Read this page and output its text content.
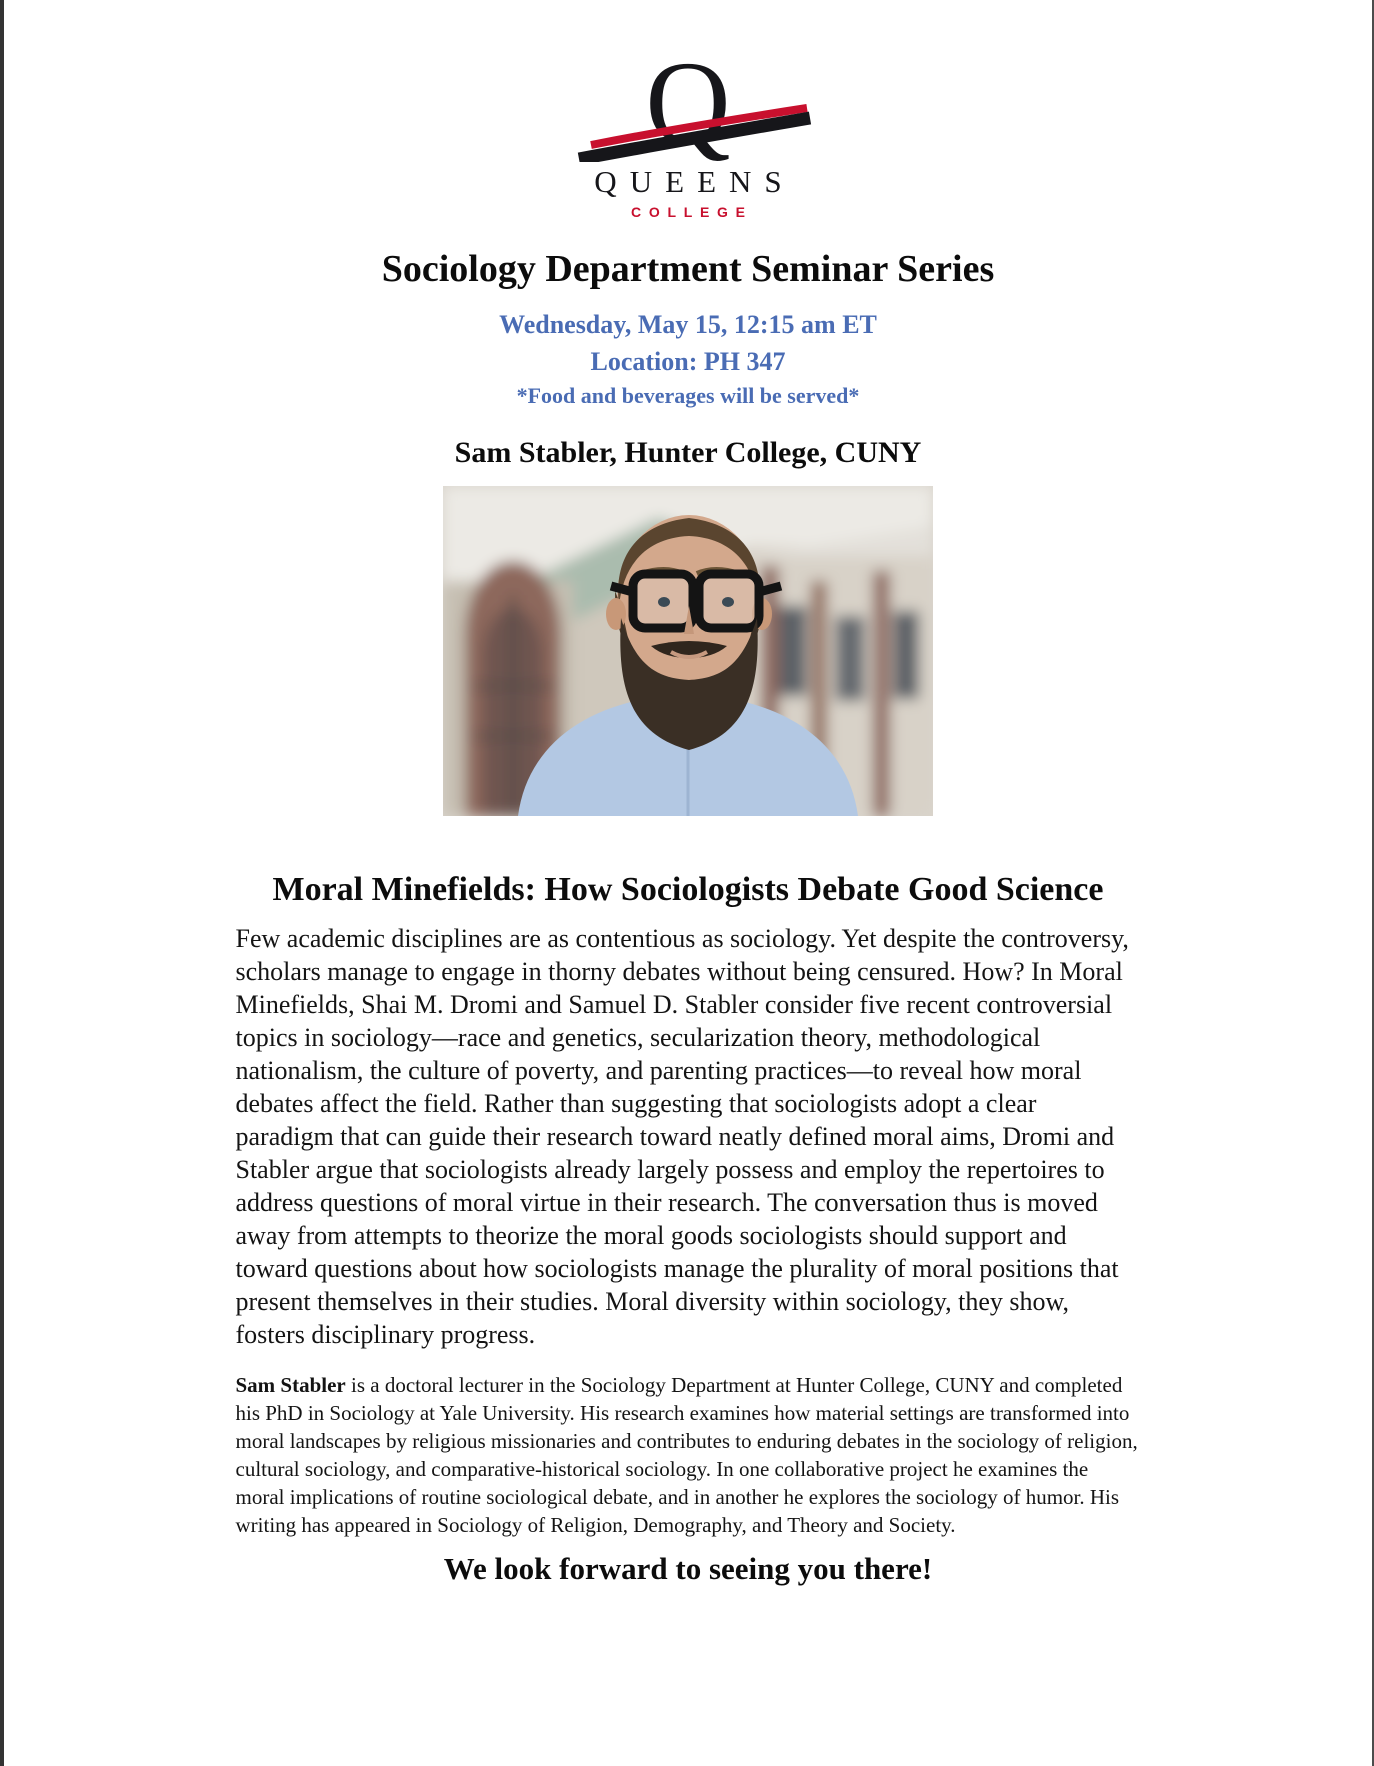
Q
QUEENS
COLLEGE
Sociology Department Seminar Series
Wednesday, May 15, 12:15 am ET
Location: PH 347
*Food and beverages will be served*
Sam Stabler, Hunter College, CUNY
Moral Minefields: How Sociologists Debate Good Science
Few academic disciplines are as contentious as sociology. Yet despite the controversy, scholars manage to engage in thorny debates without being censured. How? In Moral Minefields, Shai M. Dromi and Samuel D. Stabler consider five recent controversial topics in sociology—race and genetics, secularization theory, methodological nationalism, the culture of poverty, and parenting practices—to reveal how moral debates affect the field. Rather than suggesting that sociologists adopt a clear paradigm that can guide their research toward neatly defined moral aims, Dromi and Stabler argue that sociologists already largely possess and employ the repertoires to address questions of moral virtue in their research. The conversation thus is moved away from attempts to theorize the moral goods sociologists should support and toward questions about how sociologists manage the plurality of moral positions that present themselves in their studies. Moral diversity within sociology, they show, fosters disciplinary progress.
Sam Stabler is a doctoral lecturer in the Sociology Department at Hunter College, CUNY and completed his PhD in Sociology at Yale University. His research examines how material settings are transformed into moral landscapes by religious missionaries and contributes to enduring debates in the sociology of religion, cultural sociology, and comparative-historical sociology. In one collaborative project he examines the moral implications of routine sociological debate, and in another he explores the sociology of humor. His writing has appeared in Sociology of Religion, Demography, and Theory and Society.
We look forward to seeing you there!
